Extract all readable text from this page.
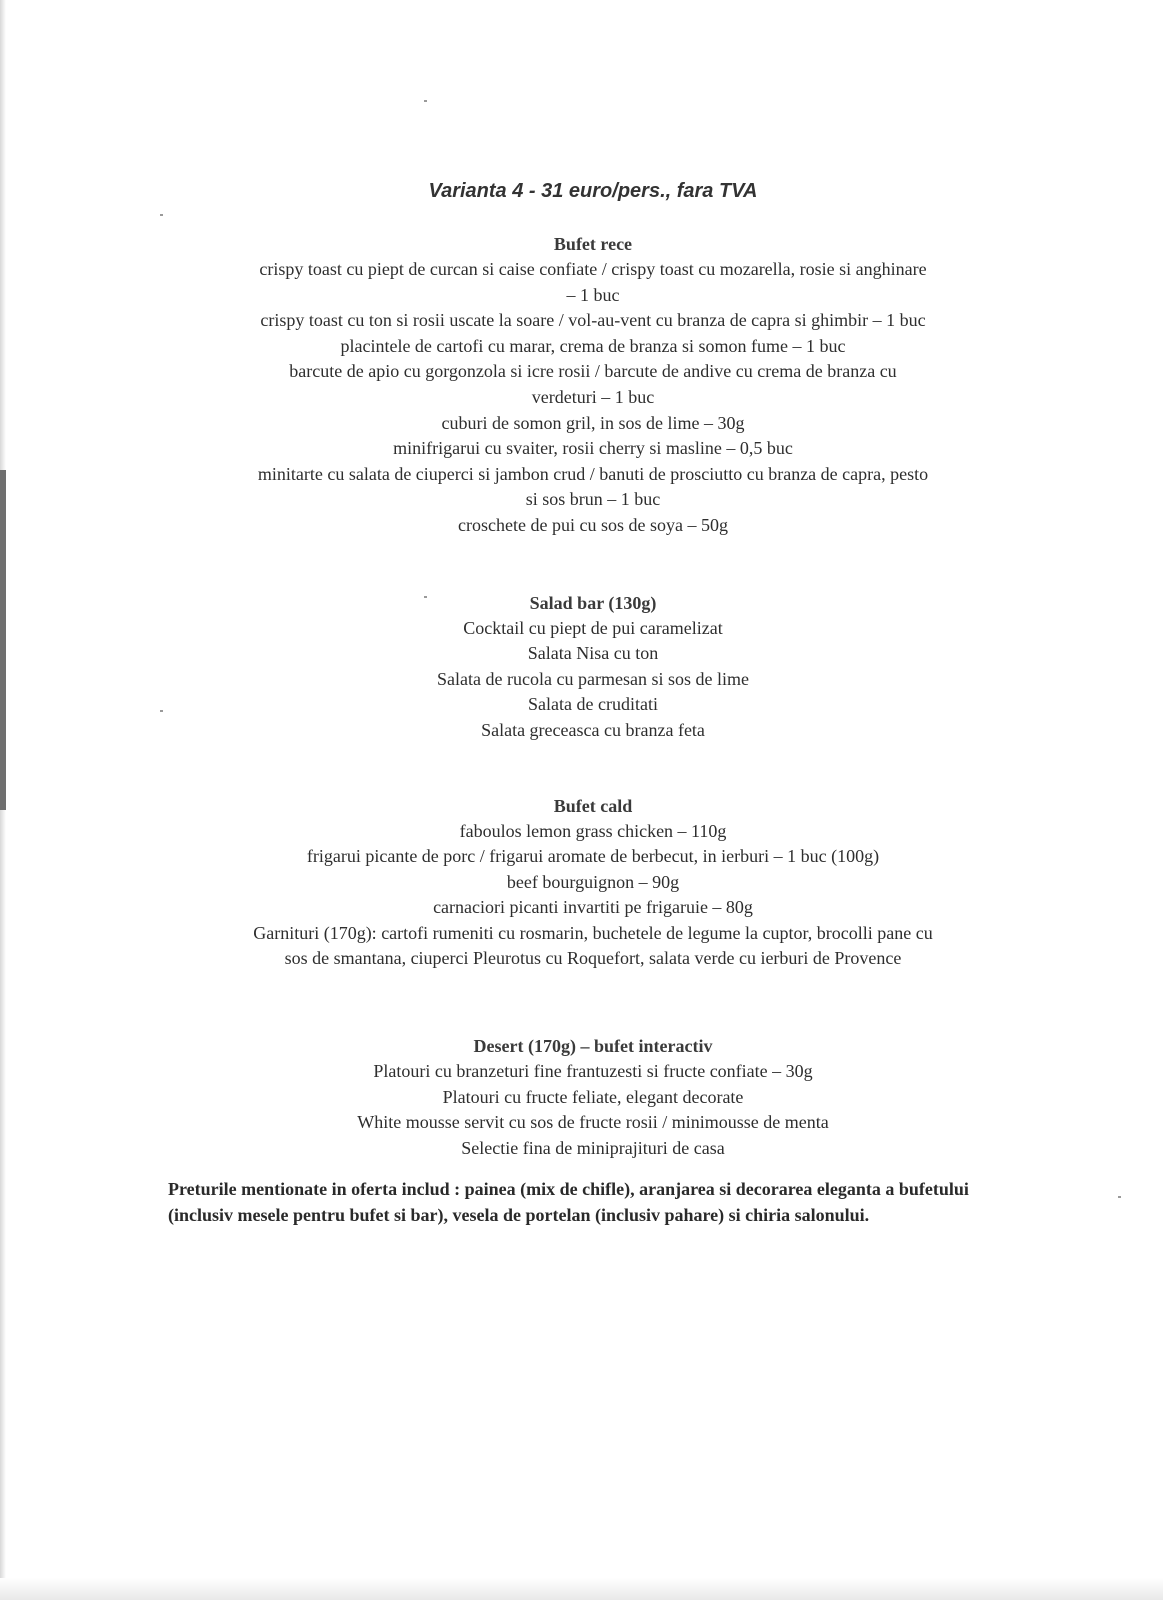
Varianta 4 - 31 euro/pers., fara TVA
Bufet rece
crispy toast cu piept de curcan si caise confiate / crispy toast cu mozarella, rosie si anghinare
– 1 buc
crispy toast cu ton si rosii uscate la soare / vol-au-vent cu branza de capra si ghimbir – 1 buc
placintele de cartofi cu marar, crema de branza si somon fume – 1 buc
barcute de apio cu gorgonzola si icre rosii / barcute de andive cu crema de branza cu
verdeturi – 1 buc
cuburi de somon gril, in sos de lime – 30g
minifrigarui cu svaiter, rosii cherry si masline – 0,5 buc
minitarte cu salata de ciuperci si jambon crud / banuti de prosciutto cu branza de capra, pesto
si sos brun – 1 buc
croschete de pui cu sos de soya – 50g
Salad bar (130g)
Cocktail cu piept de pui caramelizat
Salata Nisa cu ton
Salata de rucola cu parmesan si sos de lime
Salata de cruditati
Salata greceasca cu branza feta
Bufet cald
faboulos lemon grass chicken – 110g
frigarui picante de porc / frigarui aromate de berbecut, in ierburi – 1 buc (100g)
beef bourguignon – 90g
carnaciori picanti invartiti pe frigaruie – 80g
Garnituri (170g): cartofi rumeniti cu rosmarin, buchetele de legume la cuptor, brocolli pane cu
sos de smantana, ciuperci Pleurotus cu Roquefort, salata verde cu ierburi de Provence
Desert (170g) – bufet interactiv
Platouri cu branzeturi fine frantuzesti si fructe confiate – 30g
Platouri cu fructe feliate, elegant decorate
White mousse servit cu sos de fructe rosii / minimousse de menta
Selectie fina de miniprajituri de casa
Preturile mentionate in oferta includ : painea (mix de chifle), aranjarea si decorarea eleganta a bufetului (inclusiv mesele pentru bufet si bar), vesela de portelan (inclusiv pahare) si chiria salonului.
